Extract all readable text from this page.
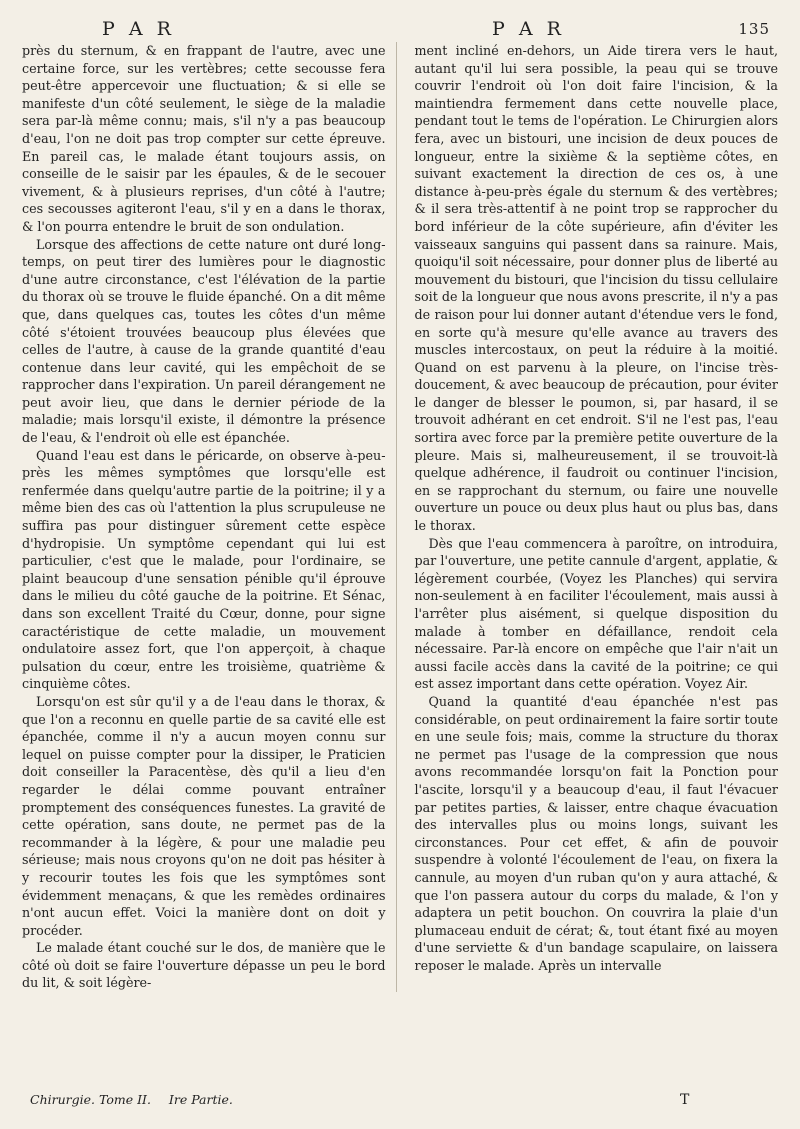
P A R	P A R	135

près du sternum, & en frappant de l'autre, avec une certaine force, sur les vertèbres; cette secousse fera peut-être appercevoir une fluctuation; & si elle se manifeste d'un côté seulement, le siège de la maladie sera par-là même connu; mais, s'il n'y a pas beaucoup d'eau, l'on ne doit pas trop compter sur cette épreuve. En pareil cas, le malade étant toujours assis, on conseille de le saisir par les épaules, & de le secouer vivement, & à plusieurs reprises, d'un côté à l'autre; ces secousses agiteront l'eau, s'il y en a dans le thorax, & l'on pourra entendre le bruit de son ondulation.

Lorsque des affections de cette nature ont duré long-temps, on peut tirer des lumières pour le diagnostic d'une autre circonstance, c'est l'élévation de la partie du thorax où se trouve le fluide épanché. On a dit même que, dans quelques cas, toutes les côtes d'un même côté s'étoient trouvées beaucoup plus élevées que celles de l'autre, à cause de la grande quantité d'eau contenue dans leur cavité, qui les empêchoit de se rapprocher dans l'expiration. Un pareil dérangement ne peut avoir lieu, que dans le dernier période de la maladie; mais lorsqu'il existe, il démontre la présence de l'eau, & l'endroit où elle est épanchée.

Quand l'eau est dans le péricarde, on observe à-peu-près les mêmes symptômes que lorsqu'elle est renfermée dans quelqu'autre partie de la poitrine; il y a même bien des cas où l'attention la plus scrupuleuse ne suffira pas pour distinguer sûrement cette espèce d'hydropisie. Un symptôme cependant qui lui est particulier, c'est que le malade, pour l'ordinaire, se plaint beaucoup d'une sensation pénible qu'il éprouve dans le milieu du côté gauche de la poitrine. Et Sénac, dans son excellent Traité du Cœur, donne, pour signe caractéristique de cette maladie, un mouvement ondulatoire assez fort, que l'on apperçoit, à chaque pulsation du cœur, entre les troisième, quatrième & cinquième côtes.

Lorsqu'on est sûr qu'il y a de l'eau dans le thorax, & que l'on a reconnu en quelle partie de sa cavité elle est épanchée, comme il n'y a aucun moyen connu sur lequel on puisse compter pour la dissiper, le Praticien doit conseiller la Paracentèse, dès qu'il a lieu d'en regarder le délai comme pouvant entraîner promptement des conséquences funestes. La gravité de cette opération, sans doute, ne permet pas de la recommander à la légère, & pour une maladie peu sérieuse; mais nous croyons qu'on ne doit pas hésiter à y recourir toutes les fois que les symptômes sont évidemment menaçans, & que les remèdes ordinaires n'ont aucun effet. Voici la manière dont on doit y procéder.

Le malade étant couché sur le dos, de manière que le côté où doit se faire l'ouverture dépasse un peu le bord du lit, & soit légère-

ment incliné en-dehors, un Aide tirera vers le haut, autant qu'il lui sera possible, la peau qui se trouve couvrir l'endroit où l'on doit faire l'incision, & la maintiendra fermement dans cette nouvelle place, pendant tout le tems de l'opération. Le Chirurgien alors fera, avec un bistouri, une incision de deux pouces de longueur, entre la sixième & la septième côtes, en suivant exactement la direction de ces os, à une distance à-peu-près égale du sternum & des vertèbres; & il sera très-attentif à ne point trop se rapprocher du bord inférieur de la côte supérieure, afin d'éviter les vaisseaux sanguins qui passent dans sa rainure. Mais, quoiqu'il soit nécessaire, pour donner plus de liberté au mouvement du bistouri, que l'incision du tissu cellulaire soit de la longueur que nous avons prescrite, il n'y a pas de raison pour lui donner autant d'étendue vers le fond, en sorte qu'à mesure qu'elle avance au travers des muscles intercostaux, on peut la réduire à la moitié. Quand on est parvenu à la pleure, on l'incise très-doucement, & avec beaucoup de précaution, pour éviter le danger de blesser le poumon, si, par hasard, il se trouvoit adhérant en cet endroit. S'il ne l'est pas, l'eau sortira avec force par la première petite ouverture de la pleure. Mais si, malheureusement, il se trouvoit-là quelque adhérence, il faudroit ou continuer l'incision, en se rapprochant du sternum, ou faire une nouvelle ouverture un pouce ou deux plus haut ou plus bas, dans le thorax.

Dès que l'eau commencera à paroître, on introduira, par l'ouverture, une petite cannule d'argent, applatie, & légèrement courbée, (Voyez les Planches) qui servira non-seulement à en faciliter l'écoulement, mais aussi à l'arrêter plus aisément, si quelque disposition du malade à tomber en défaillance, rendoit cela nécessaire. Par-là encore on empêche que l'air n'ait un aussi facile accès dans la cavité de la poitrine; ce qui est assez important dans cette opération. Voyez Air.

Quand la quantité d'eau épanchée n'est pas considérable, on peut ordinairement la faire sortir toute en une seule fois; mais, comme la structure du thorax ne permet pas l'usage de la compression que nous avons recommandée lorsqu'on fait la Ponction pour l'ascite, lorsqu'il y a beaucoup d'eau, il faut l'évacuer par petites parties, & laisser, entre chaque évacuation des intervalles plus ou moins longs, suivant les circonstances. Pour cet effet, & afin de pouvoir suspendre à volonté l'écoulement de l'eau, on fixera la cannule, au moyen d'un ruban qu'on y aura attaché, & que l'on passera autour du corps du malade, & l'on y adaptera un petit bouchon. On couvrira la plaie d'un plumaceau enduit de cérat; &, tout étant fixé au moyen d'une serviette & d'un bandage scapulaire, on laissera reposer le malade. Après un intervalle

Chirurgie. Tome II. Ire Partie.	T
